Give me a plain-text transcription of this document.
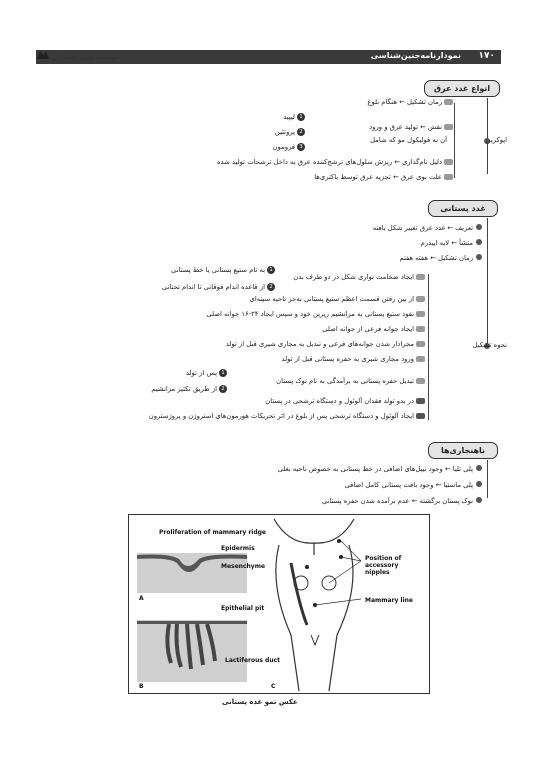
۱۷۰
نمودارنامه‌جنین‌شناسی
موسسه علمی انتشاراتی
انواع غدد عرق
اپوکرین
زمان تشکیل ← هنگام بلوغ
نقش ← تولید عرق و ورود
آن به فولیکول مو که شامل
1لیپید
2پروتئین
3فرومون
دلیل نام‌گذاری ← ریزش سلول‌های ترشح‌کننده عرق به داخل ترشحات تولید شده
علت بوی عرق ← تجزیه عرق توسط باکتری‌ها
غدد پستانی
تعریف ← غدد عرق تغییر شکل یافته
منشأ ← لایه اپیدرم
زمان تشکیل ← هفته هفتم
نحوه تشکیل
ایجاد ضخامت نواری شکل در دو طرف بدن
1به نام ستیغ پستانی یا خط پستانی
2از قاعده اندام فوقانی تا اندام تحتانی
از بین رفتن قسمت اعظم ستیغ پستانی به‌جز ناحیه سینه‌ای
نفوذ ستیغ پستانی به مزانشیم زیرین خود و سپس ایجاد ۲۴-۱۶ جوانه اصلی
ایجاد جوانه فرعی از جوانه اصلی
مجرادار شدن جوانه‌های فرعی و تبدیل به مجاری شیری قبل از تولد
ورود مجاری شیری به حفره پستانی قبل از تولد
تبدیل حفره پستانی به برآمدگی به نام نوک پستان
1پس از تولد
2از طریق تکثیر مزانشیم
در بدو تولد فقدان آلوئول و دستگاه ترشحی در پستان
ایجاد آلوئول و دستگاه ترشحی پس از بلوغ در اثر تحریکات هورمون‌های استروژن و پروژسترون
ناهنجاری‌ها
پلی تلیا ← وجود نیپل‌های اضافی در خط پستانی به خصوص ناحیه بغلی
پلی ماستیا ← وجود بافت پستانی کامل اضافی
نوک پستان برگشته ← عدم برآمده شدن حفره پستانی
Proliferation of mammary ridge
Epidermis
Mesenchyme
A
Epithelial pit
Lactiferous duct
B
Position of accessory nipples
Mammary line
C
عکس نمو غده پستانی
